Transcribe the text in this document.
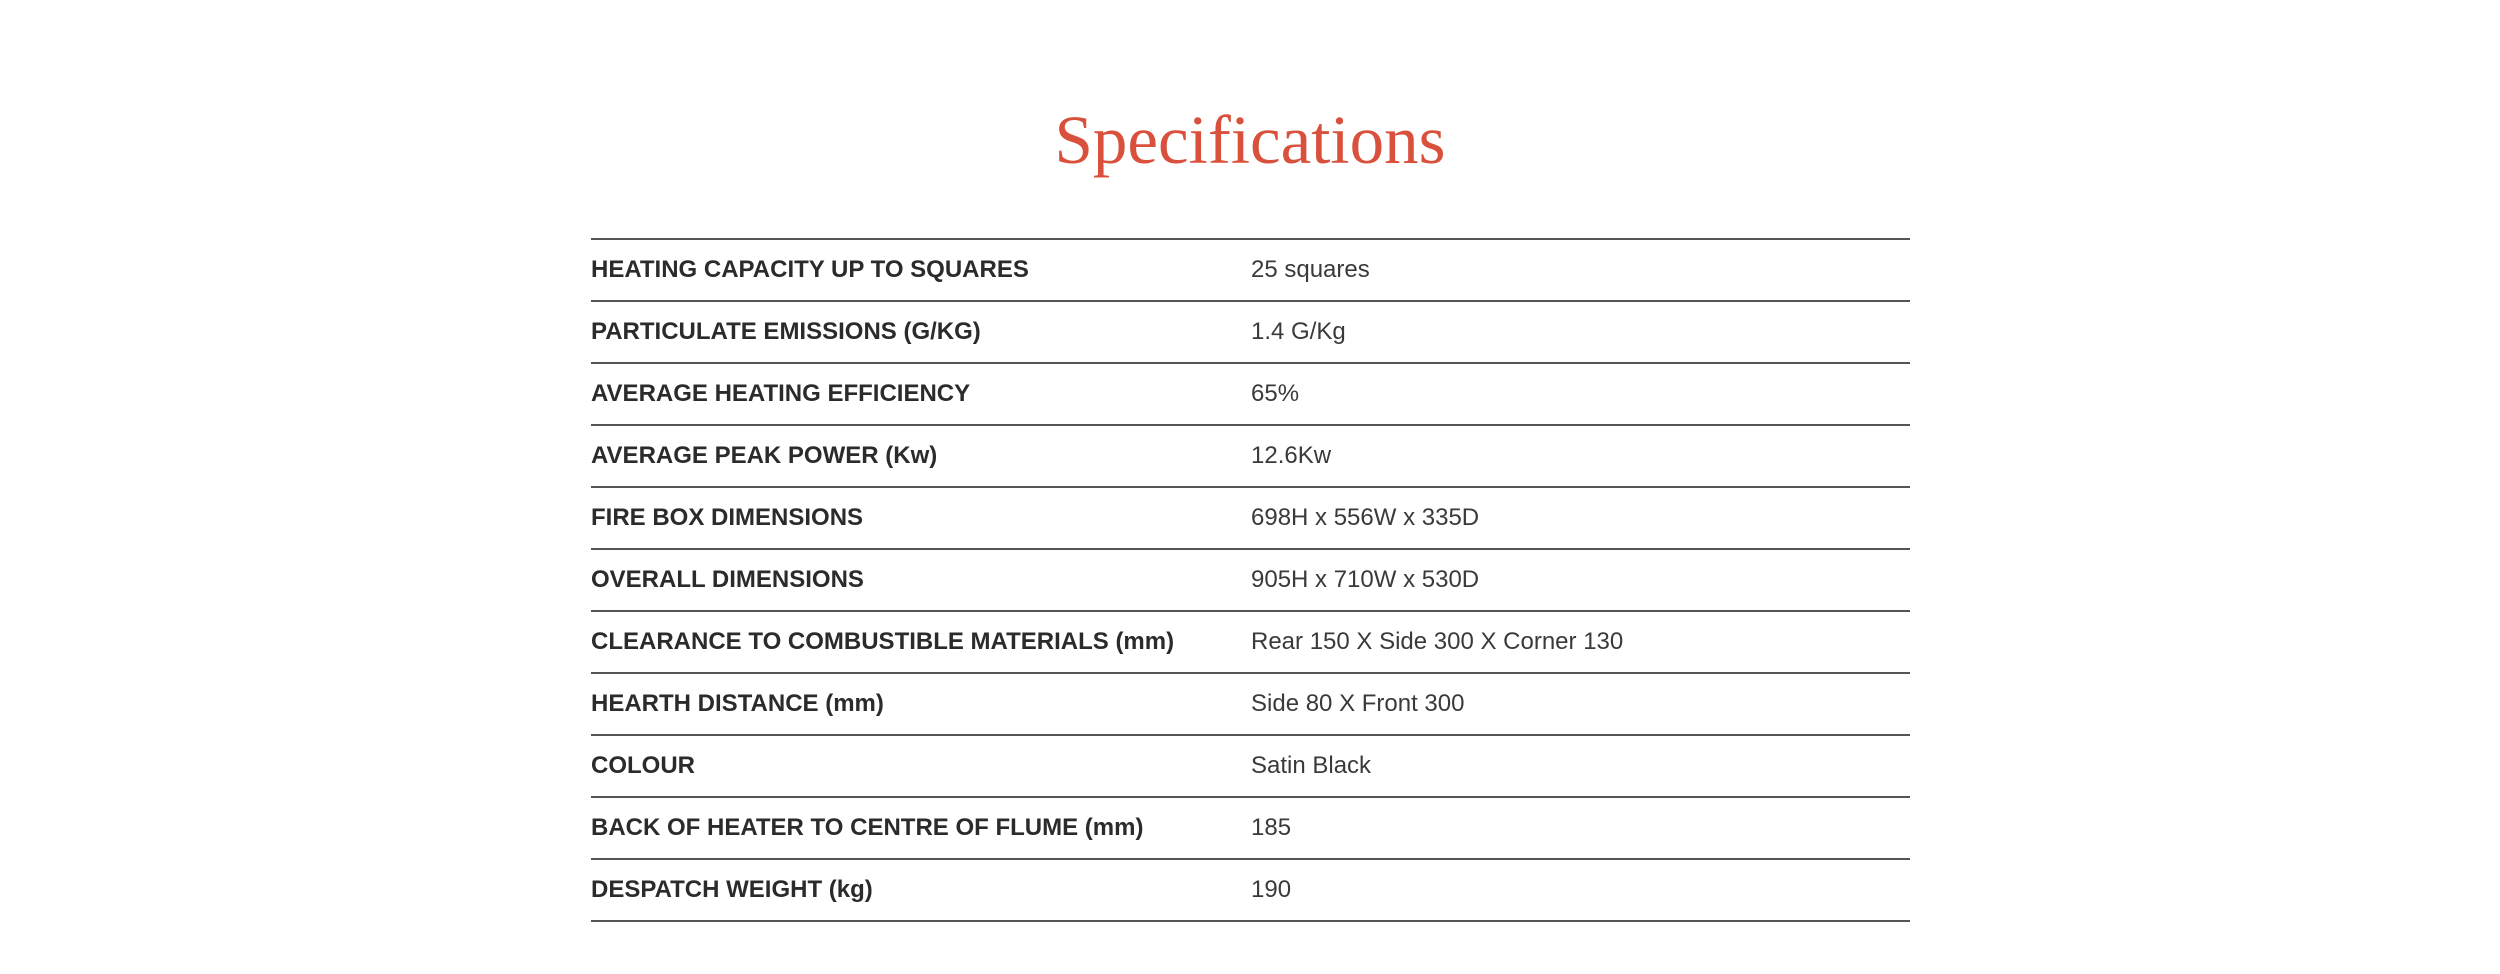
Specifications
HEATING CAPACITY UP TO SQUARES	25 squares
PARTICULATE EMISSIONS (G/KG)	1.4 G/Kg
AVERAGE HEATING EFFICIENCY	65%
AVERAGE PEAK POWER (Kw)	12.6Kw
FIRE BOX DIMENSIONS	698H x 556W x 335D
OVERALL DIMENSIONS	905H x 710W x 530D
CLEARANCE TO COMBUSTIBLE MATERIALS (mm)	Rear 150 X Side 300 X Corner 130
HEARTH DISTANCE (mm)	Side 80 X Front 300
COLOUR	Satin Black
BACK OF HEATER TO CENTRE OF FLUME (mm)	185
DESPATCH WEIGHT (kg)	190
